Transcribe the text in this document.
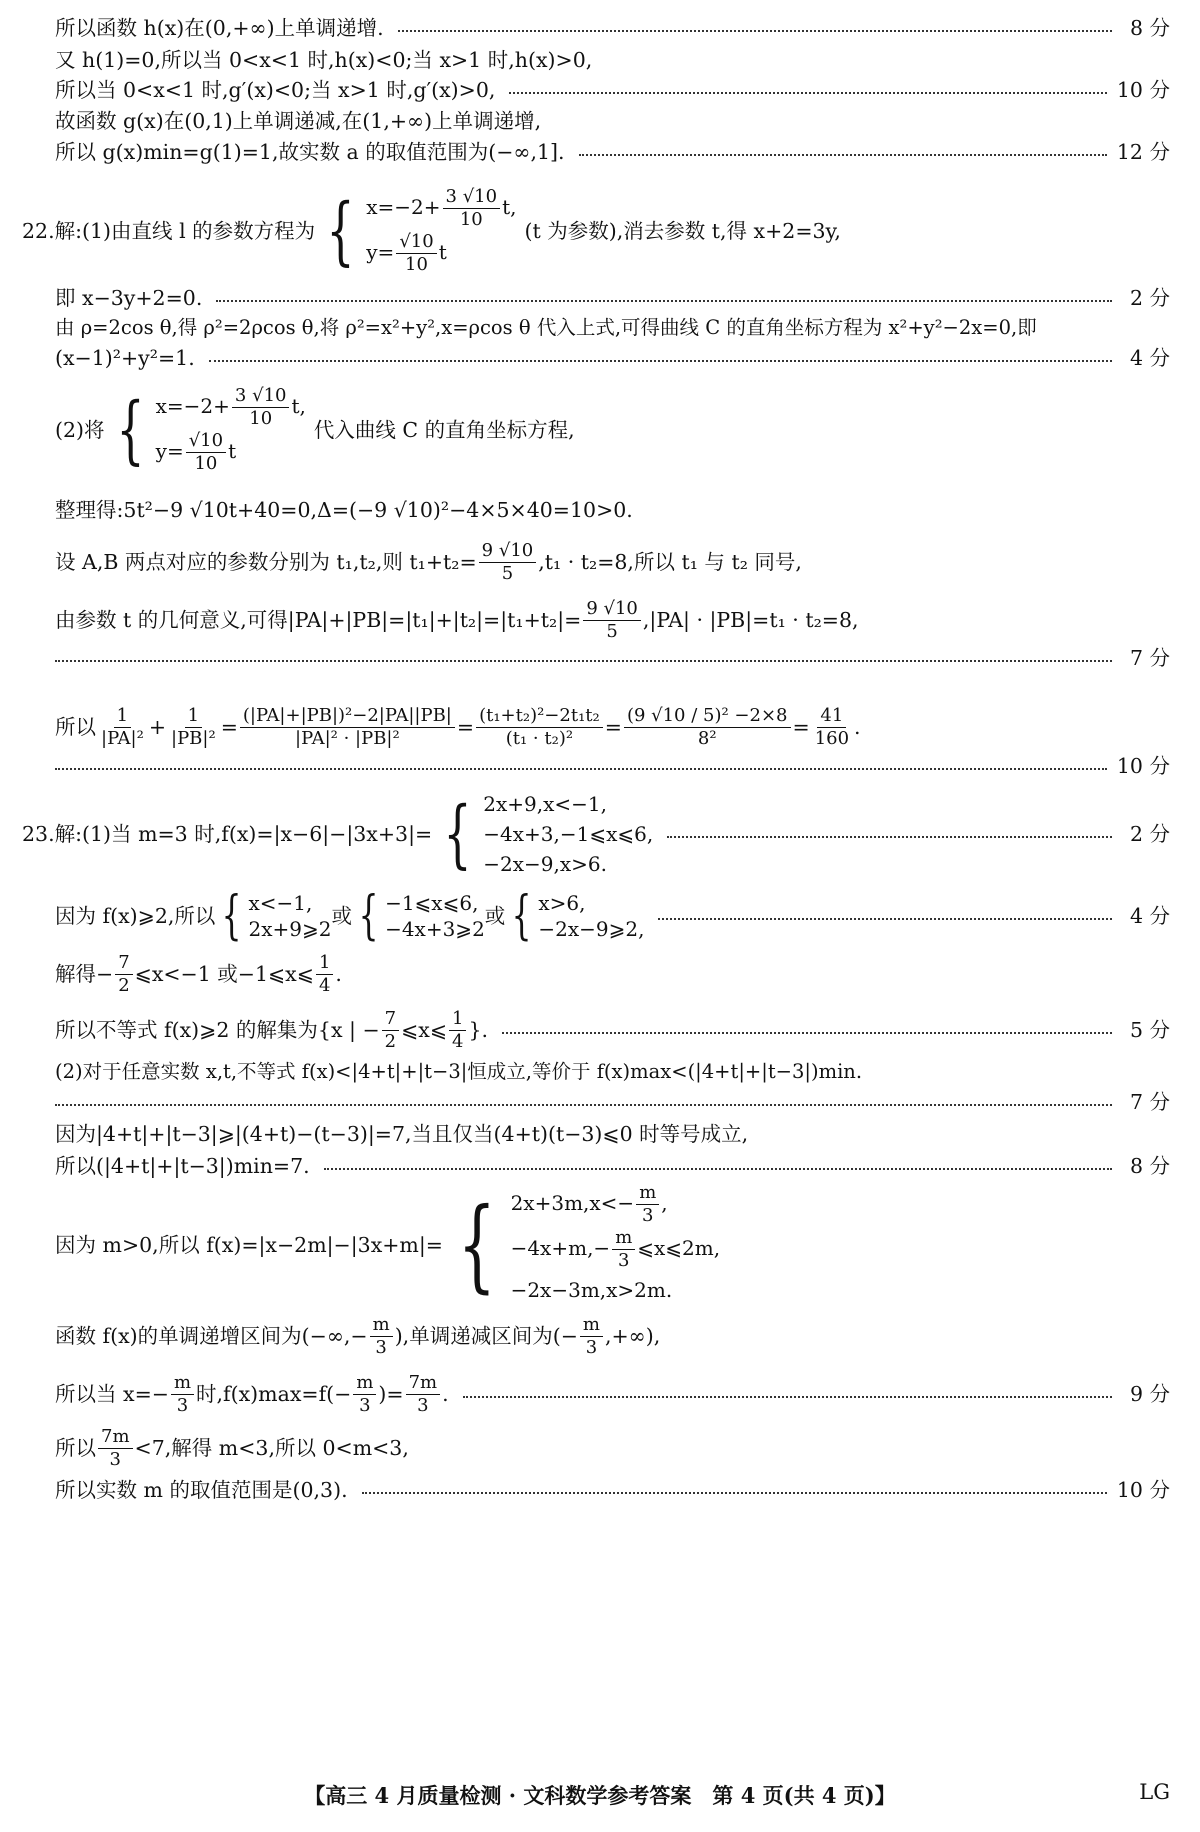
所以函数 h(x)在(0,+∞)上单调递增.	8 分
又 h(1)=0,所以当 0<x<1 时,h(x)<0;当 x>1 时,h(x)>0,
所以当 0<x<1 时,g′(x)<0;当 x>1 时,g′(x)>0,	10 分
故函数 g(x)在(0,1)上单调递减,在(1,+∞)上单调递增,
所以 g(x)min=g(1)=1,故实数 a 的取值范围为(−∞,1].	12 分
22. 解:(1)由直线 l 的参数方程为 { $x=-2+ \frac{3 √10}{10} t$,
$y= \frac{√10}{10}$ t
(t 为参数),消去参数 t,得 x+2=3y,
即 x−3y+2=0.	2 分
由 ρ=2cos θ,得 ρ²=2ρcos θ,将 ρ²=x²+y²,x=ρcos θ 代入上式,可得曲线 C 的直角坐标方程为 x²+y²−2x=0,即
(x−1)²+y²=1.	4 分
(2)将 { $x=-2+ \frac{3 √10}{10} t$,
$y= \frac{√10}{10}$ t
代入曲线 C 的直角坐标方程,
整理得:5t²−9 √10t+40=0,Δ=(−9 √10)²−4×5×40=10>0.
设 A,B 两点对应的参数分别为 t₁,t₂,则 $t_1+t_2= \frac{9 √10}{5} ,t_1 \cdot t_2=8$,所以 t₁ 与 t₂ 同号,
由参数 t 的几何意义,可得$|PA|+|PB|=|t_1|+|t_2|=|t_1+t_2|= \frac{9 √10}{5} ,|PA| \cdot |PB|=t_1 \cdot t_2=8$,
7 分
所以 $\frac{1}{\text{|PA|²}} + \frac{1}{\text{|PB|²}} = \frac{\text{(|PA|+|PB|)²−2|PA||PB|}}{\text{|PA|² · |PB|²}} = \frac{\text{(t₁+t₂)²−2t₁t₂}}{\text{(t₁ · t₂)²}} = \frac{\text{(9 √10 / 5)² −2×8}}{\text{8²}} = \frac{41}{160}$ .
10 分
23. 解:(1)当 m=3 时,f(x)=|x−6|−|3x+3|= { 2x+9,x<−1,
−4x+3,−1⩽x⩽6,
−2x−9,x>6.
2 分
因为 f(x)⩾2,所以 { x<−1,
2x+9⩾2
或 { −1⩽x⩽6,
−4x+3⩾2
或 { x>6,
−2x−9⩾2,
4 分
解得− $\frac{7}{2}$ ⩽x<−1 或−1⩽x⩽ $\frac{1}{4}$ .
所以不等式 f(x)⩾2 的解集为 {x | − $\frac{7}{2}$ ⩽x⩽ $\frac{1}{4}$ }.	5 分
(2)对于任意实数 x,t,不等式 f(x)<|4+t|+|t−3|恒成立,等价于 f(x)max<(|4+t|+|t−3|)min.
7 分
因为|4+t|+|t−3|⩾|(4+t)−(t−3)|=7,当且仅当(4+t)(t−3)⩽0 时等号成立,
所以(|4+t|+|t−3|)min=7.	8 分
因为 m>0,所以 f(x)=|x−2m|−|3x+m|= { $2x+3m,x<- \frac{m}{3}$ ,
$-4x+m,- \frac{m}{3}$ ⩽x⩽2m,
−2x−3m,x>2m.
函数 f(x)的单调递增区间为(−∞,− $\frac{m}{3}$ ),单调递减区间为(− $\frac{m}{3}$ ,+∞),
所以当 $x=- \frac{m}{3}$ 时$,f(x)\max=f(- \frac{m}{3}$ )= $\frac{7m}{3}$ .	9 分
所以 $\frac{7m}{3} <7$,解得 m<3,所以 0<m<3,
所以实数 m 的取值范围是(0,3).	10 分
【高三 4 月质量检测 · 文科数学参考答案　第 4 页(共 4 页)】	LG
